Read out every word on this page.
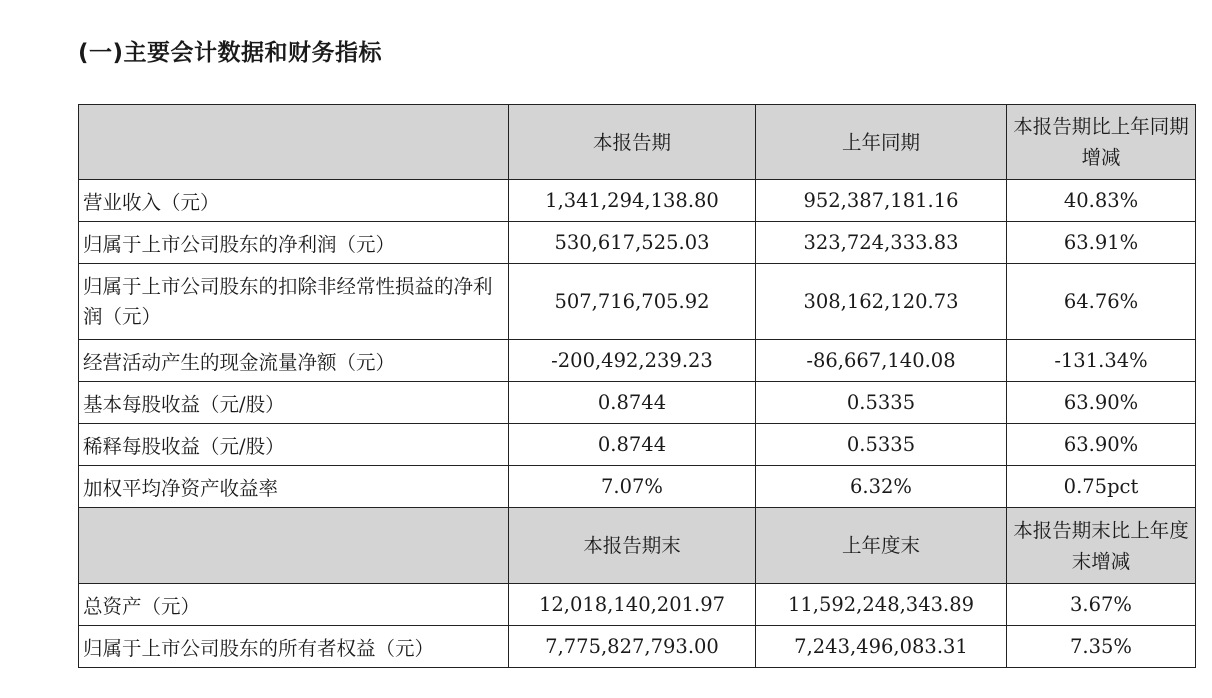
(一)主要会计数据和财务指标
	本报告期	上年同期	本报告期比上年同期增减
营业收入（元）	1,341,294,138.80	952,387,181.16	40.83%
归属于上市公司股东的净利润（元）	530,617,525.03	323,724,333.83	63.91%
归属于上市公司股东的扣除非经常性损益的净利润（元）	507,716,705.92	308,162,120.73	64.76%
经营活动产生的现金流量净额（元）	-200,492,239.23	-86,667,140.08	-131.34%
基本每股收益（元/股）	0.8744	0.5335	63.90%
稀释每股收益（元/股）	0.8744	0.5335	63.90%
加权平均净资产收益率	7.07%	6.32%	0.75pct
	本报告期末	上年度末	本报告期末比上年度末增减
总资产（元）	12,018,140,201.97	11,592,248,343.89	3.67%
归属于上市公司股东的所有者权益（元）	7,775,827,793.00	7,243,496,083.31	7.35%
